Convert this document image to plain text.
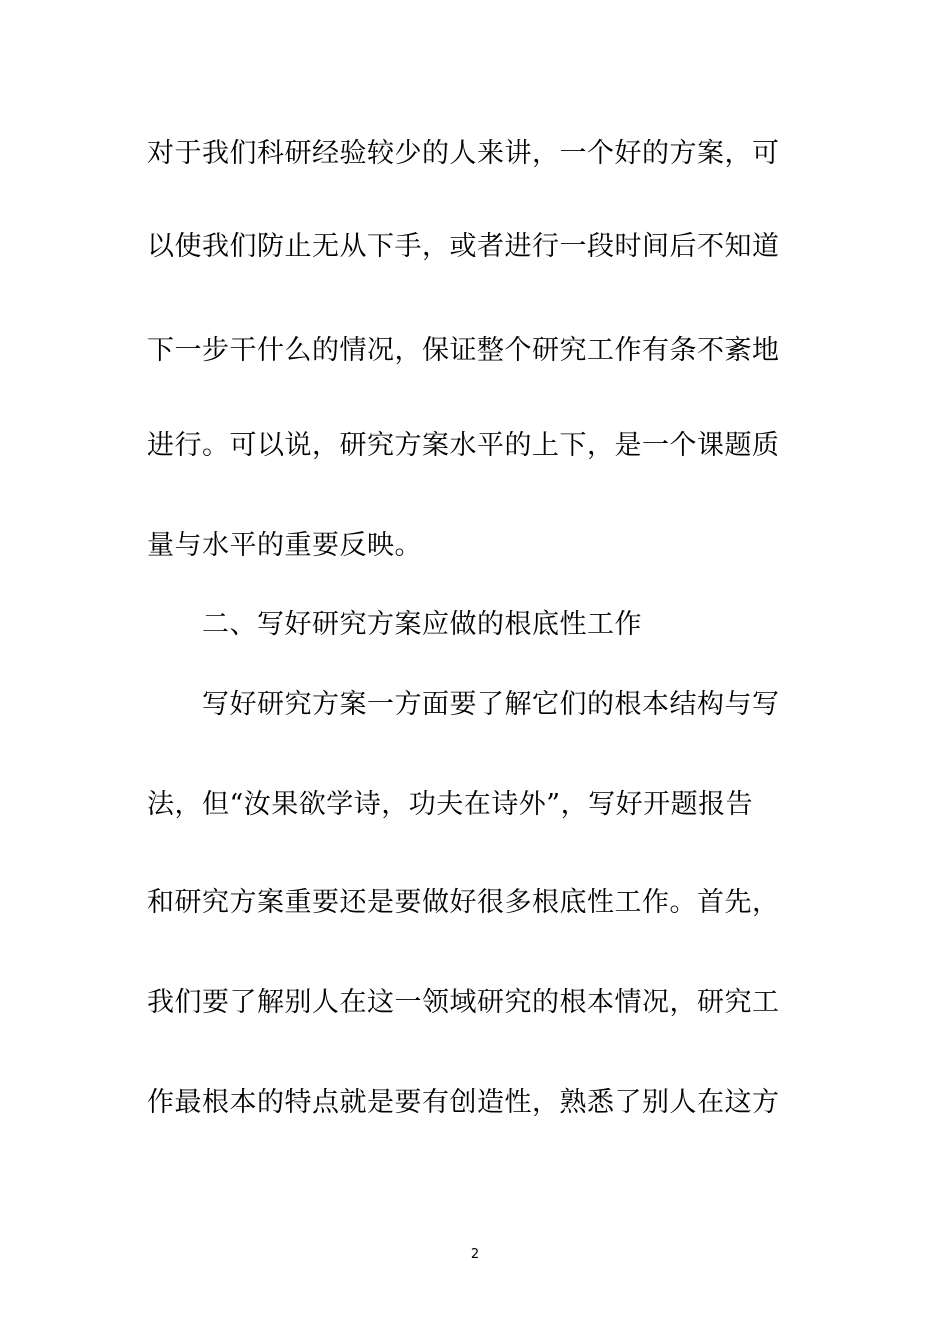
对于我们科研经验较少的人来讲，一个好的方案，可
以使我们防止无从下手，或者进行一段时间后不知道
下一步干什么的情况，保证整个研究工作有条不紊地
进行。可以说，研究方案水平的上下，是一个课题质
量与水平的重要反映。
二、写好研究方案应做的根底性工作
写好研究方案一方面要了解它们的根本结构与写
法，但“汝果欲学诗，功夫在诗外”，写好开题报告
和研究方案重要还是要做好很多根底性工作。首先，
我们要了解别人在这一领域研究的根本情况，研究工
作最根本的特点就是要有创造性，熟悉了别人在这方
2
